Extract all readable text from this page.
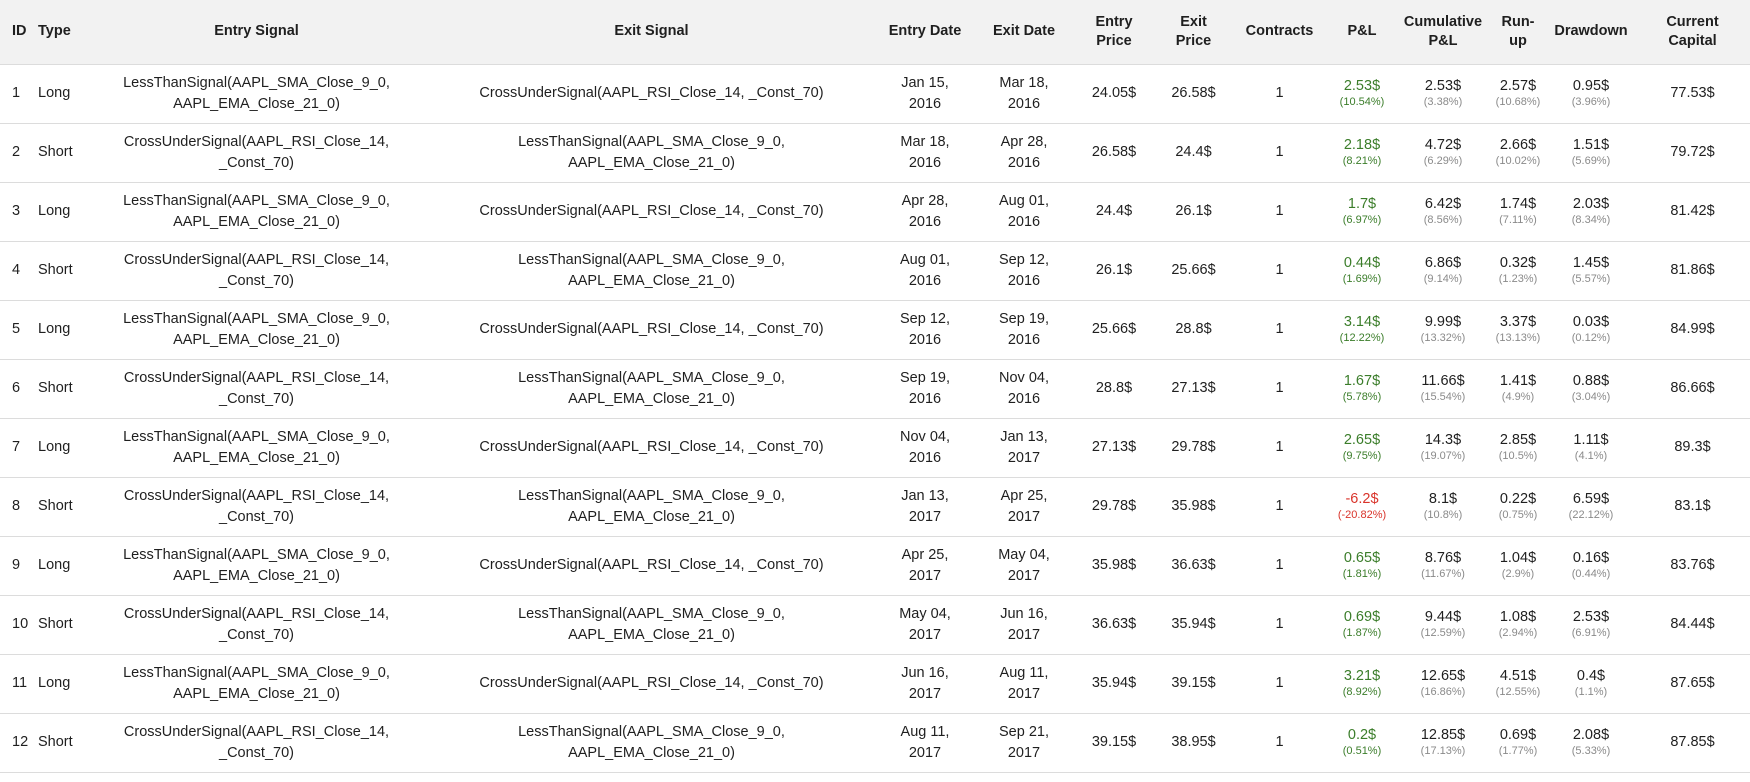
ID	Type	Entry Signal	Exit Signal	Entry Date	Exit Date	Entry
Price	Exit
Price	Contracts	P&L	Cumulative
P&L	Run-
up	Drawdown	Current
Capital

1	Long	LessThanSignal(AAPL_SMA_Close_9_0,
AAPL_EMA_Close_21_0)	CrossUnderSignal(AAPL_RSI_Close_14, _Const_70)	Jan 15,
2016	Mar 18,
2016	24.05$	26.58$	1	2.53$
(10.54%)	2.53$
(3.38%)	2.57$
(10.68%)	0.95$
(3.96%)	77.53$
2	Short	CrossUnderSignal(AAPL_RSI_Close_14, _Const_70)	LessThanSignal(AAPL_SMA_Close_9_0,
AAPL_EMA_Close_21_0)	Mar 18,
2016	Apr 28,
2016	26.58$	24.4$	1	2.18$
(8.21%)	4.72$
(6.29%)	2.66$
(10.02%)	1.51$
(5.69%)	79.72$
3	Long	LessThanSignal(AAPL_SMA_Close_9_0,
AAPL_EMA_Close_21_0)	CrossUnderSignal(AAPL_RSI_Close_14, _Const_70)	Apr 28,
2016	Aug 01,
2016	24.4$	26.1$	1	1.7$
(6.97%)	6.42$
(8.56%)	1.74$
(7.11%)	2.03$
(8.34%)	81.42$
4	Short	CrossUnderSignal(AAPL_RSI_Close_14, _Const_70)	LessThanSignal(AAPL_SMA_Close_9_0,
AAPL_EMA_Close_21_0)	Aug 01,
2016	Sep 12,
2016	26.1$	25.66$	1	0.44$
(1.69%)	6.86$
(9.14%)	0.32$
(1.23%)	1.45$
(5.57%)	81.86$
5	Long	LessThanSignal(AAPL_SMA_Close_9_0,
AAPL_EMA_Close_21_0)	CrossUnderSignal(AAPL_RSI_Close_14, _Const_70)	Sep 12,
2016	Sep 19,
2016	25.66$	28.8$	1	3.14$
(12.22%)	9.99$
(13.32%)	3.37$
(13.13%)	0.03$
(0.12%)	84.99$
6	Short	CrossUnderSignal(AAPL_RSI_Close_14, _Const_70)	LessThanSignal(AAPL_SMA_Close_9_0,
AAPL_EMA_Close_21_0)	Sep 19,
2016	Nov 04,
2016	28.8$	27.13$	1	1.67$
(5.78%)	11.66$
(15.54%)	1.41$
(4.9%)	0.88$
(3.04%)	86.66$
7	Long	LessThanSignal(AAPL_SMA_Close_9_0,
AAPL_EMA_Close_21_0)	CrossUnderSignal(AAPL_RSI_Close_14, _Const_70)	Nov 04,
2016	Jan 13,
2017	27.13$	29.78$	1	2.65$
(9.75%)	14.3$
(19.07%)	2.85$
(10.5%)	1.11$
(4.1%)	89.3$
8	Short	CrossUnderSignal(AAPL_RSI_Close_14, _Const_70)	LessThanSignal(AAPL_SMA_Close_9_0,
AAPL_EMA_Close_21_0)	Jan 13,
2017	Apr 25,
2017	29.78$	35.98$	1	-6.2$
(-20.82%)	8.1$
(10.8%)	0.22$
(0.75%)	6.59$
(22.12%)	83.1$
9	Long	LessThanSignal(AAPL_SMA_Close_9_0,
AAPL_EMA_Close_21_0)	CrossUnderSignal(AAPL_RSI_Close_14, _Const_70)	Apr 25,
2017	May 04,
2017	35.98$	36.63$	1	0.65$
(1.81%)	8.76$
(11.67%)	1.04$
(2.9%)	0.16$
(0.44%)	83.76$
10	Short	CrossUnderSignal(AAPL_RSI_Close_14, _Const_70)	LessThanSignal(AAPL_SMA_Close_9_0,
AAPL_EMA_Close_21_0)	May 04,
2017	Jun 16,
2017	36.63$	35.94$	1	0.69$
(1.87%)	9.44$
(12.59%)	1.08$
(2.94%)	2.53$
(6.91%)	84.44$
11	Long	LessThanSignal(AAPL_SMA_Close_9_0,
AAPL_EMA_Close_21_0)	CrossUnderSignal(AAPL_RSI_Close_14, _Const_70)	Jun 16,
2017	Aug 11,
2017	35.94$	39.15$	1	3.21$
(8.92%)	12.65$
(16.86%)	4.51$
(12.55%)	0.4$
(1.1%)	87.65$
12	Short	CrossUnderSignal(AAPL_RSI_Close_14, _Const_70)	LessThanSignal(AAPL_SMA_Close_9_0,
AAPL_EMA_Close_21_0)	Aug 11,
2017	Sep 21,
2017	39.15$	38.95$	1	0.2$
(0.51%)	12.85$
(17.13%)	0.69$
(1.77%)	2.08$
(5.33%)	87.85$
